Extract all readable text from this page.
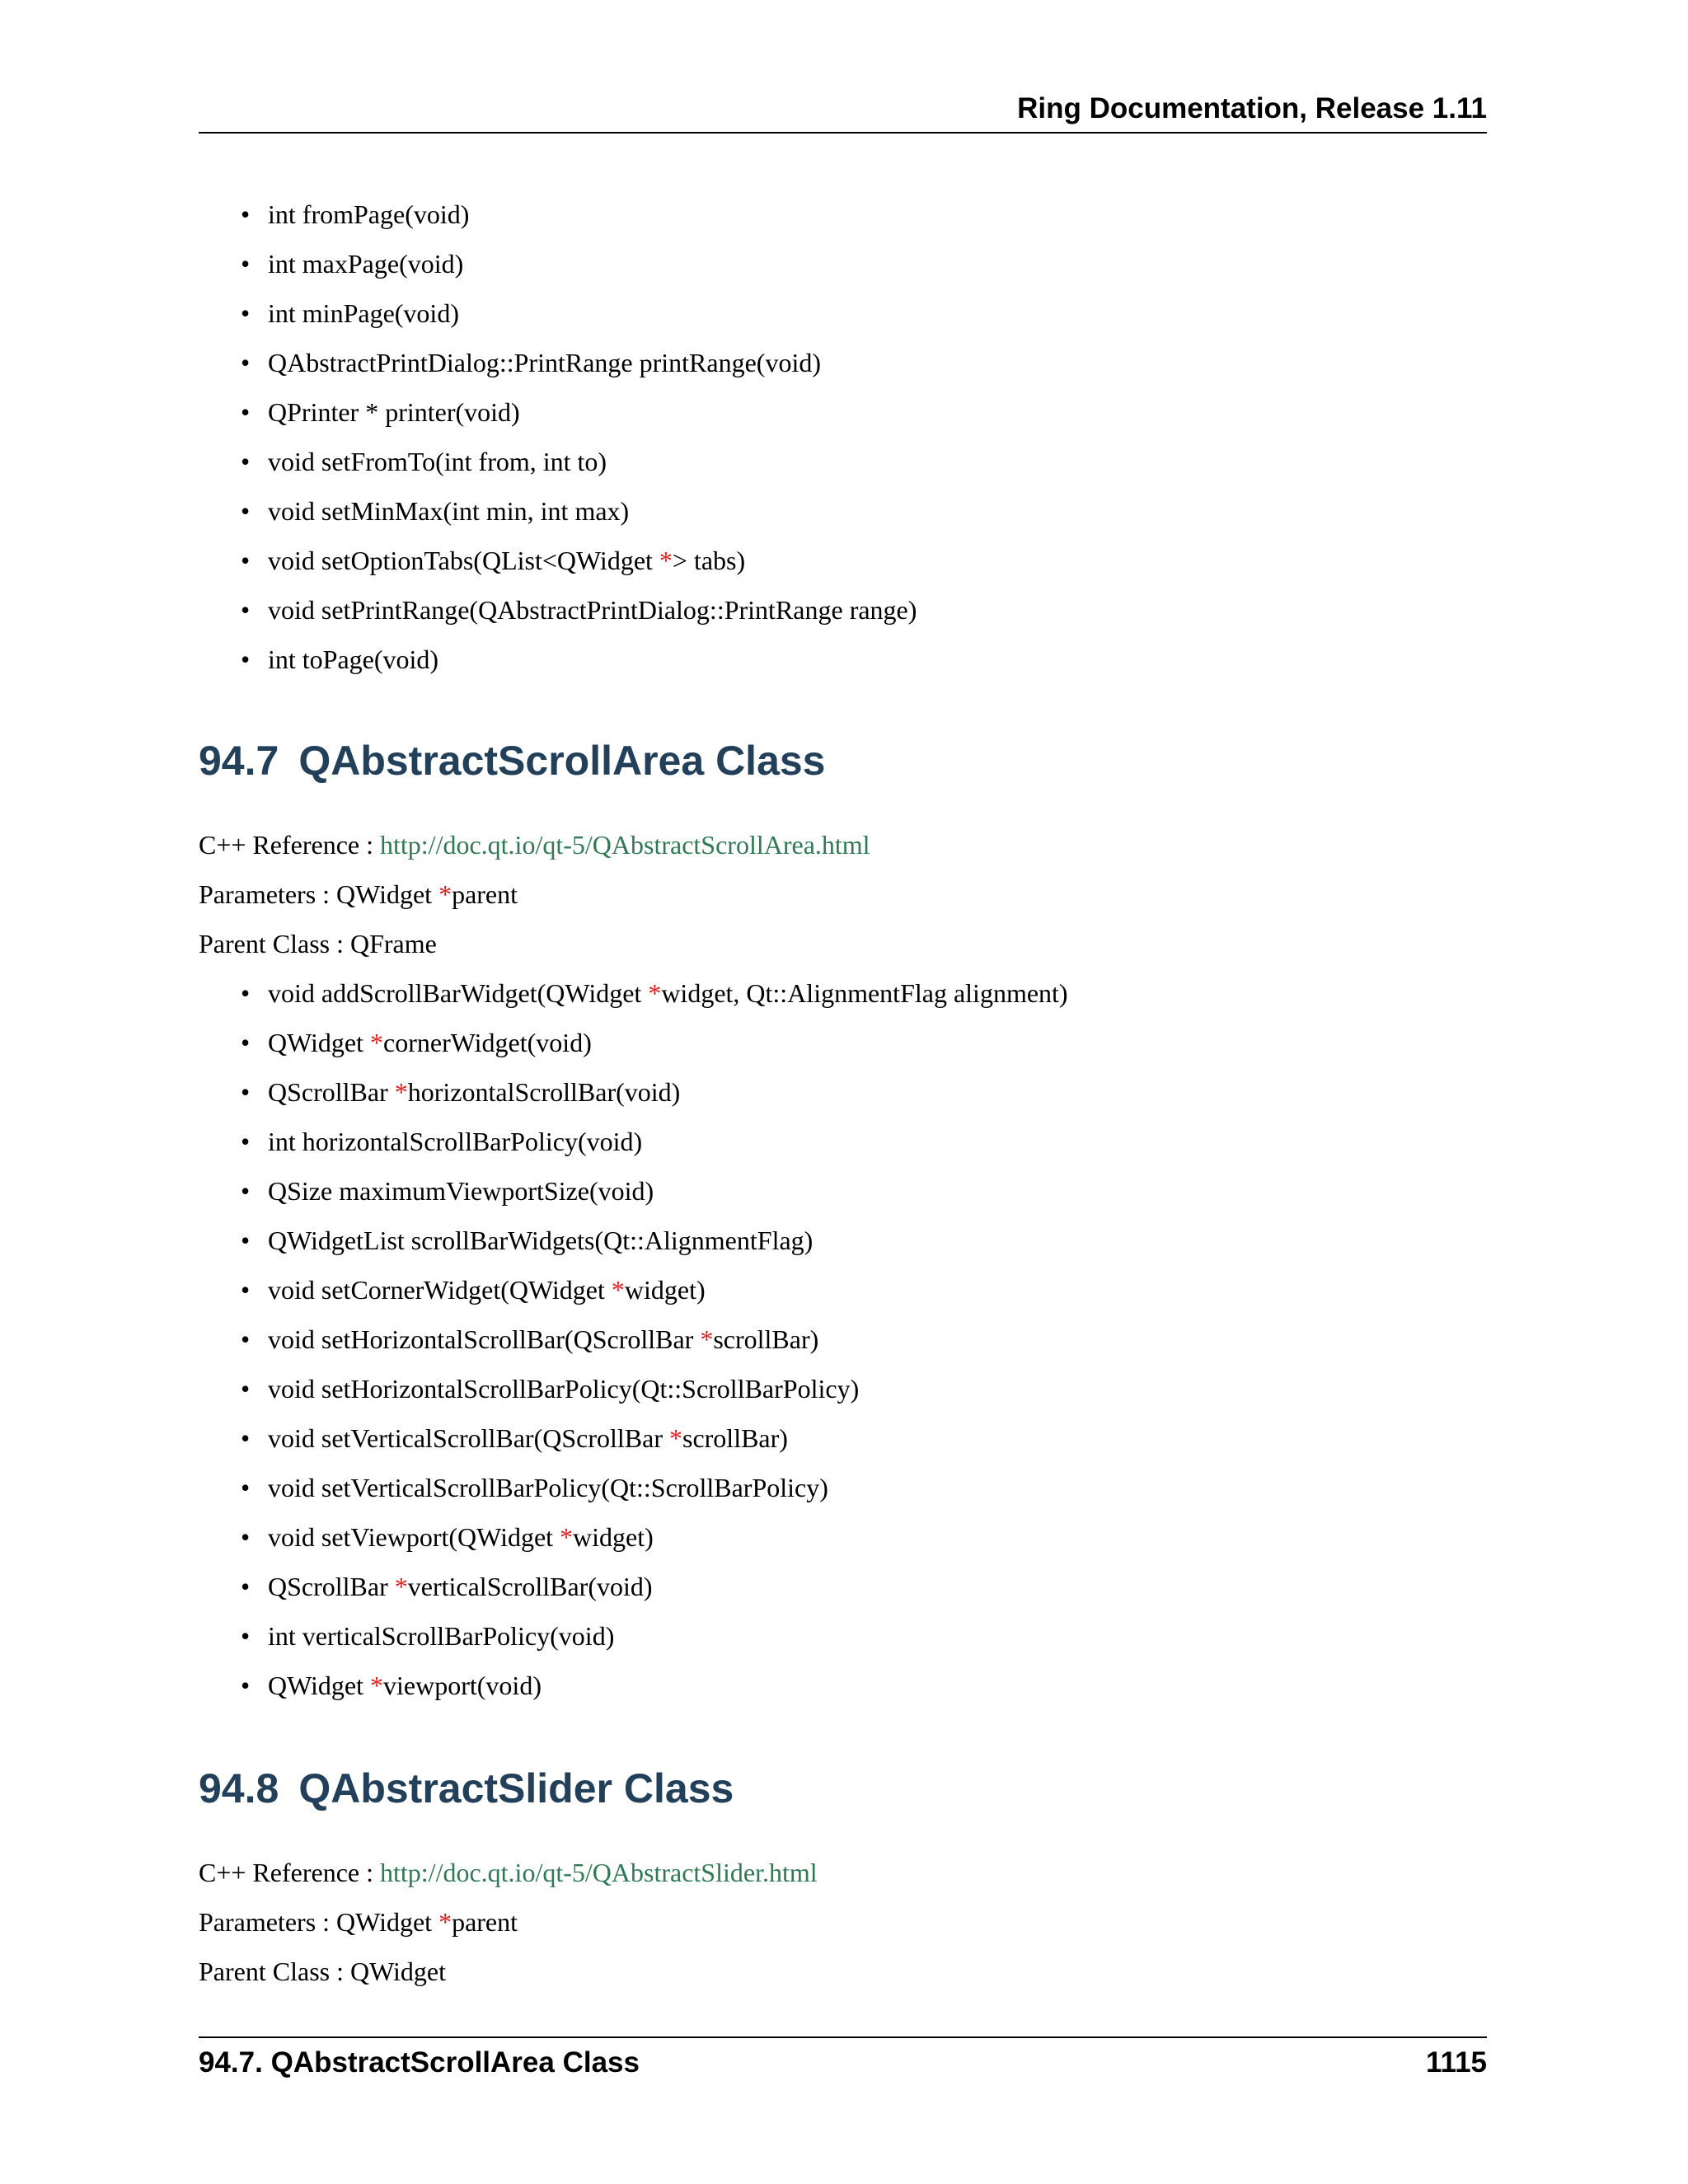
Ring Documentation, Release 1.11
• int fromPage(void)
• int maxPage(void)
• int minPage(void)
• QAbstractPrintDialog::PrintRange printRange(void)
• QPrinter * printer(void)
• void setFromTo(int from, int to)
• void setMinMax(int min, int max)
• void setOptionTabs(QList<QWidget *> tabs)
• void setPrintRange(QAbstractPrintDialog::PrintRange range)
• int toPage(void)
94.7 QAbstractScrollArea Class

C++ Reference : http://doc.qt.io/qt-5/QAbstractScrollArea.html

Parameters : QWidget *parent

Parent Class : QFrame

• void addScrollBarWidget(QWidget *widget, Qt::AlignmentFlag alignment)
• QWidget *cornerWidget(void)
• QScrollBar *horizontalScrollBar(void)
• int horizontalScrollBarPolicy(void)
• QSize maximumViewportSize(void)
• QWidgetList scrollBarWidgets(Qt::AlignmentFlag)
• void setCornerWidget(QWidget *widget)
• void setHorizontalScrollBar(QScrollBar *scrollBar)
• void setHorizontalScrollBarPolicy(Qt::ScrollBarPolicy)
• void setVerticalScrollBar(QScrollBar *scrollBar)
• void setVerticalScrollBarPolicy(Qt::ScrollBarPolicy)
• void setViewport(QWidget *widget)
• QScrollBar *verticalScrollBar(void)
• int verticalScrollBarPolicy(void)
• QWidget *viewport(void)
94.8 QAbstractSlider Class

C++ Reference : http://doc.qt.io/qt-5/QAbstractSlider.html

Parameters : QWidget *parent

Parent Class : QWidget

94.7. QAbstractScrollArea Class	1115
